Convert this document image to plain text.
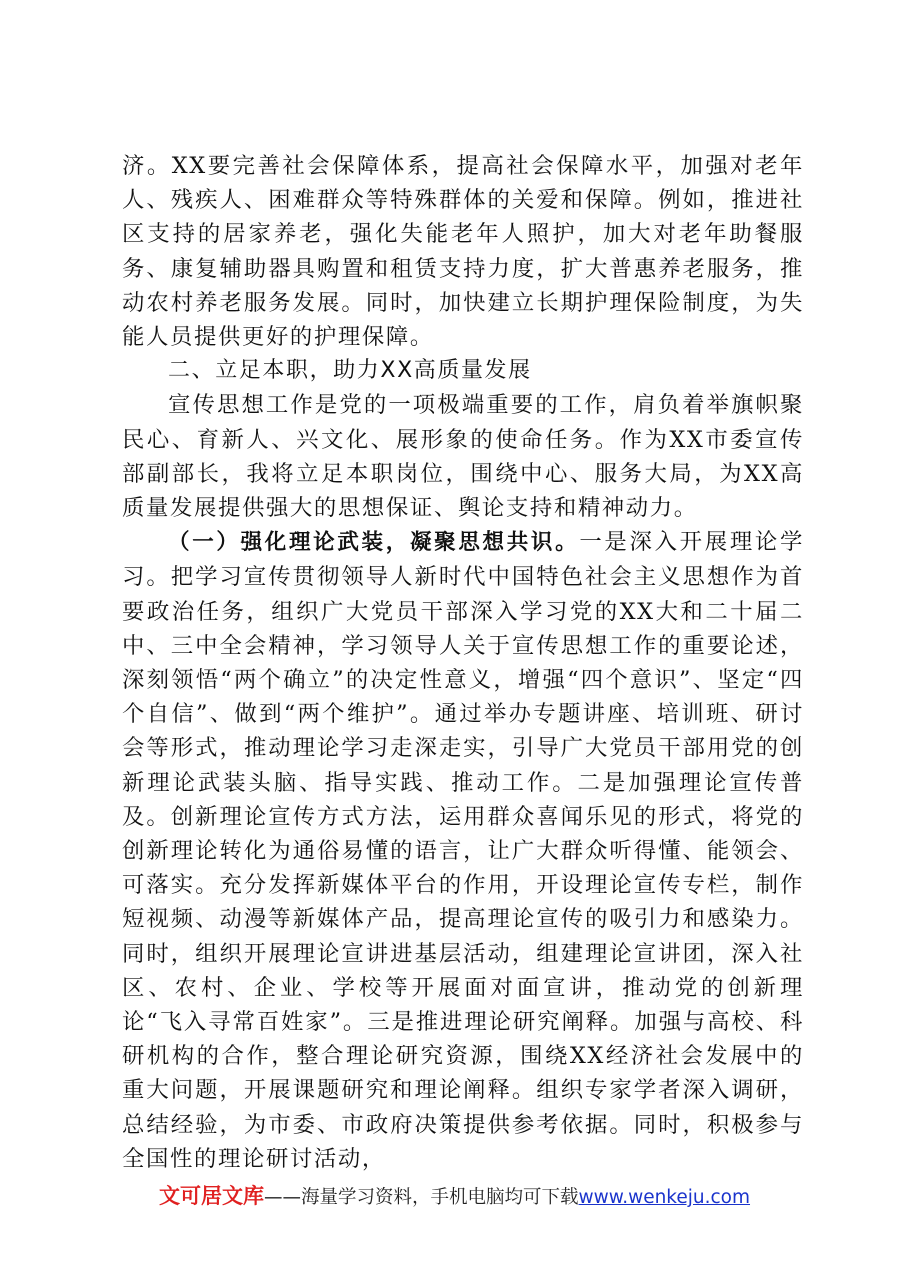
济。XX要完善社会保障体系，提高社会保障水平，加强对老年人、残疾人、困难群众等特殊群体的关爱和保障。例如，推进社区支持的居家养老，强化失能老年人照护，加大对老年助餐服务、康复辅助器具购置和租赁支持力度，扩大普惠养老服务，推动农村养老服务发展。同时，加快建立长期护理保险制度，为失能人员提供更好的护理保障。

二、立足本职，助力XX高质量发展

宣传思想工作是党的一项极端重要的工作，肩负着举旗帜聚民心、育新人、兴文化、展形象的使命任务。作为XX市委宣传部副部长，我将立足本职岗位，围绕中心、服务大局，为XX高质量发展提供强大的思想保证、舆论支持和精神动力。

（一）强化理论武装，凝聚思想共识。一是深入开展理论学习。把学习宣传贯彻领导人新时代中国特色社会主义思想作为首要政治任务，组织广大党员干部深入学习党的XX大和二十届二中、三中全会精神，学习领导人关于宣传思想工作的重要论述，深刻领悟“两个确立”的决定性意义，增强“四个意识”、坚定“四个自信”、做到“两个维护”。通过举办专题讲座、培训班、研讨会等形式，推动理论学习走深走实，引导广大党员干部用党的创新理论武装头脑、指导实践、推动工作。二是加强理论宣传普及。创新理论宣传方式方法，运用群众喜闻乐见的形式，将党的创新理论转化为通俗易懂的语言，让广大群众听得懂、能领会、可落实。充分发挥新媒体平台的作用，开设理论宣传专栏，制作短视频、动漫等新媒体产品，提高理论宣传的吸引力和感染力。同时，组织开展理论宣讲进基层活动，组建理论宣讲团，深入社区、农村、企业、学校等开展面对面宣讲，推动党的创新理论“飞入寻常百姓家”。三是推进理论研究阐释。加强与高校、科研机构的合作，整合理论研究资源，围绕XX经济社会发展中的重大问题，开展课题研究和理论阐释。组织专家学者深入调研，总结经验，为市委、市政府决策提供参考依据。同时，积极参与全国性的理论研讨活动，

文可居文库——海量学习资料，手机电脑均可下载www.wenkeju.com
